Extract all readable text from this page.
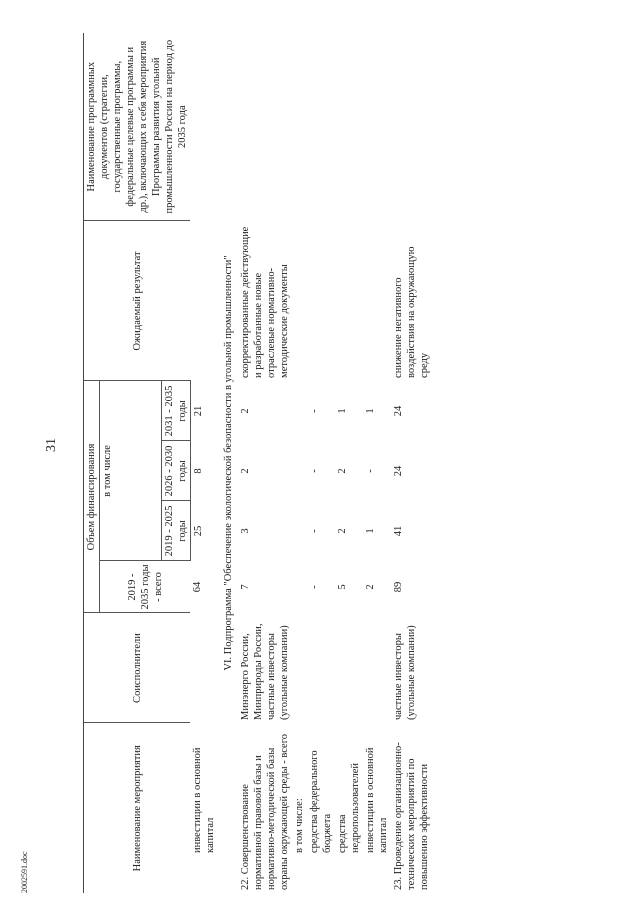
31
2002591.doc
Наименование мероприятия	Соисполнители	Объем финансирования				Ожидаемый результат	Наименование программных документов (стратегии, государственные программы, федеральные целевые программы и др.), включающих в себя мероприятия Программы развития угольной промышленности России на период до 2035 года
		2019 - 2035 годы - всего	в том числе				
			2019 - 2025 годы	2026 - 2030 годы	2031 - 2035 годы		
инвестиции в основной капитал		64	25	8	21		
VI. Подпрограмма "Обеспечение экологической безопасности в угольной промышленности"							
22. Совершенствование нормативной правовой базы и нормативно-методической базы охраны окружающей среды - всего	Минэнерго России, Минприроды России, частные инвесторы (угольные компании)	7	3	2	2	скорректированные действующие и разработанные новые отраслевые нормативно-методические документы	
в том числе:							
средства федерального бюджета		-	-	-	-		
средства недропользователей		5	2	2	1		
инвестиции в основной капитал		2	1	-	1		
23. Проведение организационно-технических мероприятий по повышению эффективности	частные инвесторы (угольные компании)	89	41	24	24	снижение негативного воздействия на окружающую среду	
